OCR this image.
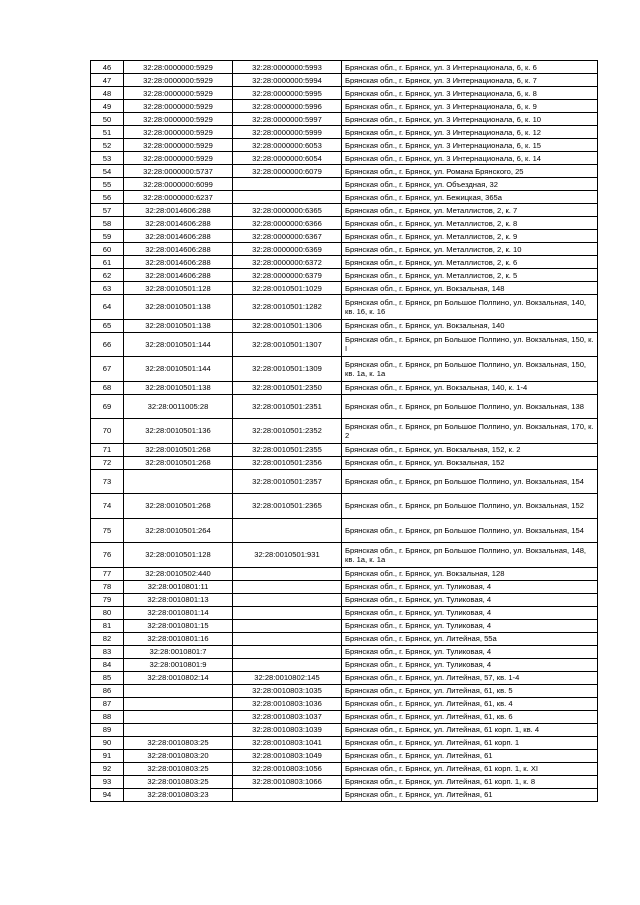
46	32:28:0000000:5929	32:28:0000000:5993	Брянская обл., г. Брянск, ул. 3 Интернационала, 6, к. 6
47	32:28:0000000:5929	32:28:0000000:5994	Брянская обл., г. Брянск, ул. 3 Интернационала, 6, к. 7
48	32:28:0000000:5929	32:28:0000000:5995	Брянская обл., г. Брянск, ул. 3 Интернационала, 6, к. 8
49	32:28:0000000:5929	32:28:0000000:5996	Брянская обл., г. Брянск, ул. 3 Интернационала, 6, к. 9
50	32:28:0000000:5929	32:28:0000000:5997	Брянская обл., г. Брянск, ул. 3 Интернационала, 6, к. 10
51	32:28:0000000:5929	32:28:0000000:5999	Брянская обл., г. Брянск, ул. 3 Интернационала, 6, к. 12
52	32:28:0000000:5929	32:28:0000000:6053	Брянская обл., г. Брянск, ул. 3 Интернационала, 6, к. 15
53	32:28:0000000:5929	32:28:0000000:6054	Брянская обл., г. Брянск, ул. 3 Интернационала, 6, к. 14
54	32:28:0000000:5737	32:28:0000000:6079	Брянская обл., г. Брянск, ул. Романа Брянского, 25
55	32:28:0000000:6099		Брянская обл., г. Брянск, ул. Объездная, 32
56	32:28:0000000:6237		Брянская обл., г. Брянск, ул. Бежицкая, 365а
57	32:28:0014606:288	32:28:0000000:6365	Брянская обл., г. Брянск, ул. Металлистов, 2, к. 7
58	32:28:0014606:288	32:28:0000000:6366	Брянская обл., г. Брянск, ул. Металлистов, 2, к. 8
59	32:28:0014606:288	32:28:0000000:6367	Брянская обл., г. Брянск, ул. Металлистов, 2, к. 9
60	32:28:0014606:288	32:28:0000000:6369	Брянская обл., г. Брянск, ул. Металлистов, 2, к. 10
61	32:28:0014606:288	32:28:0000000:6372	Брянская обл., г. Брянск, ул. Металлистов, 2, к. 6
62	32:28:0014606:288	32:28:0000000:6379	Брянская обл., г. Брянск, ул. Металлистов, 2, к. 5
63	32:28:0010501:128	32:28:0010501:1029	Брянская обл., г. Брянск, ул. Вокзальная, 148
64	32:28:0010501:138	32:28:0010501:1282	Брянская обл., г. Брянск, рп Большое Полпино, ул. Вокзальная, 140, кв. 16, к. 16
65	32:28:0010501:138	32:28:0010501:1306	Брянская обл., г. Брянск, ул. Вокзальная, 140
66	32:28:0010501:144	32:28:0010501:1307	Брянская обл., г. Брянск, рп Большое Полпино, ул. Вокзальная, 150, к. I
67	32:28:0010501:144	32:28:0010501:1309	Брянская обл., г. Брянск, рп Большое Полпино, ул. Вокзальная, 150, кв. 1а, к. 1а
68	32:28:0010501:138	32:28:0010501:2350	Брянская обл., г. Брянск, ул. Вокзальная, 140, к. 1-4
69	32:28:0011005:28	32:28:0010501:2351	Брянская обл., г. Брянск, рп Большое Полпино, ул. Вокзальная, 138
70	32:28:0010501:136	32:28:0010501:2352	Брянская обл., г. Брянск, рп Большое Полпино, ул. Вокзальная, 170, к. 2
71	32:28:0010501:268	32:28:0010501:2355	Брянская обл., г. Брянск, ул. Вокзальная, 152, к. 2
72	32:28:0010501:268	32:28:0010501:2356	Брянская обл., г. Брянск, ул. Вокзальная, 152
73		32:28:0010501:2357	Брянская обл., г. Брянск, рп Большое Полпино, ул. Вокзальная, 154
74	32:28:0010501:268	32:28:0010501:2365	Брянская обл., г. Брянск, рп Большое Полпино, ул. Вокзальная, 152
75	32:28:0010501:264		Брянская обл., г. Брянск, рп Большое Полпино, ул. Вокзальная, 154
76	32:28:0010501:128	32:28:0010501:931	Брянская обл., г. Брянск, рп Большое Полпино, ул. Вокзальная, 148, кв. 1а, к. 1а
77	32:28:0010502:440		Брянская обл., г. Брянск, ул. Вокзальная, 128
78	32:28:0010801:11		Брянская обл., г. Брянск, ул. Туликовая, 4
79	32:28:0010801:13		Брянская обл., г. Брянск, ул. Туликовая, 4
80	32:28:0010801:14		Брянская обл., г. Брянск, ул. Туликовая, 4
81	32:28:0010801:15		Брянская обл., г. Брянск, ул. Туликовая, 4
82	32:28:0010801:16		Брянская обл., г. Брянск, ул. Литейная, 55а
83	32:28:0010801:7		Брянская обл., г. Брянск, ул. Туликовая, 4
84	32:28:0010801:9		Брянская обл., г. Брянск, ул. Туликовая, 4
85	32:28:0010802:14	32:28:0010802:145	Брянская обл., г. Брянск, ул. Литейная, 57, кв. 1-4
86		32:28:0010803:1035	Брянская обл., г. Брянск, ул. Литейная, 61, кв. 5
87		32:28:0010803:1036	Брянская обл., г. Брянск, ул. Литейная, 61, кв. 4
88		32:28:0010803:1037	Брянская обл., г. Брянск, ул. Литейная, 61, кв. 6
89		32:28:0010803:1039	Брянская обл., г. Брянск, ул. Литейная, 61 корп. 1, кв. 4
90	32:28:0010803:25	32:28:0010803:1041	Брянская обл., г. Брянск, ул. Литейная, 61 корп. 1
91	32:28:0010803:20	32:28:0010803:1049	Брянская обл., г. Брянск, ул. Литейная, 61
92	32:28:0010803:25	32:28:0010803:1056	Брянская обл., г. Брянск, ул. Литейная, 61 корп. 1, к. XI
93	32:28:0010803:25	32:28:0010803:1066	Брянская обл., г. Брянск, ул. Литейная, 61 корп. 1, к. 8
94	32:28:0010803:23		Брянская обл., г. Брянск, ул. Литейная, 61
